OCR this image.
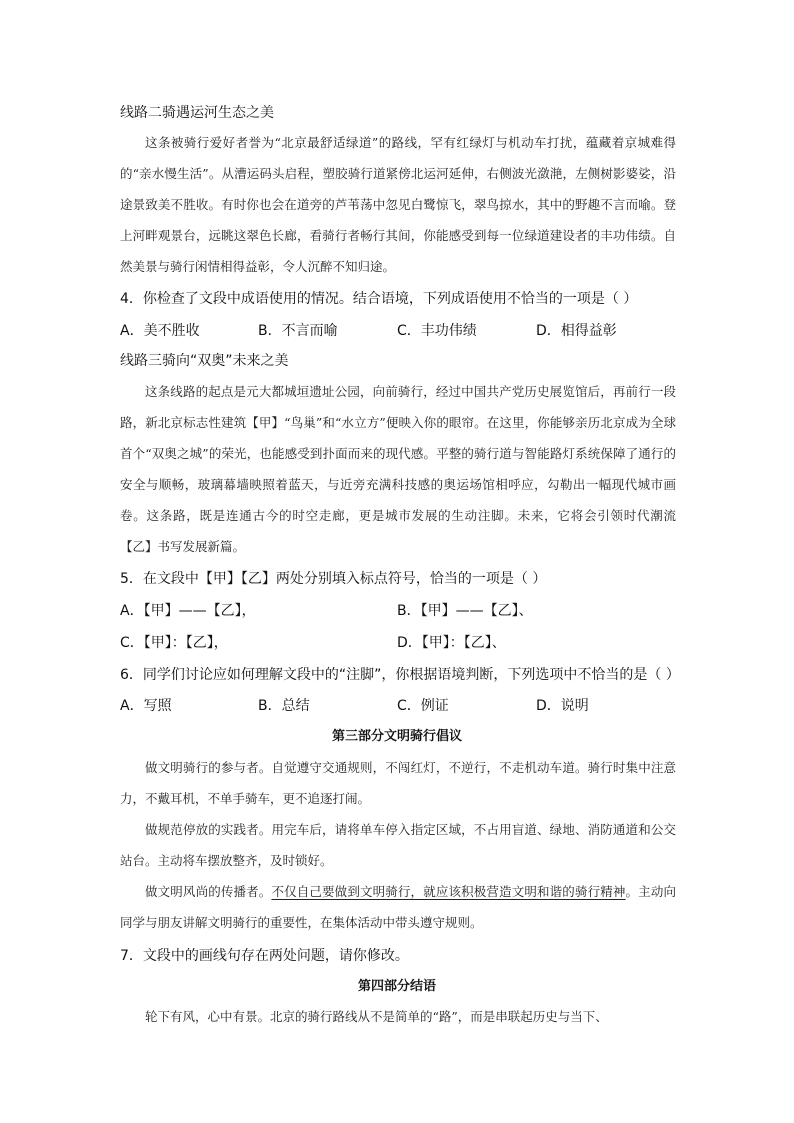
线路二骑遇运河生态之美

这条被骑行爱好者誉为“北京最舒适绿道”的路线，罕有红绿灯与机动车打扰，蕴藏着京城难得的“亲水慢生活”。从漕运码头启程，塑胶骑行道紧傍北运河延伸，右侧波光潋滟，左侧树影婆娑，沿途景致美不胜收。有时你也会在道旁的芦苇荡中忽见白鹭惊飞，翠鸟掠水，其中的野趣不言而喻。登上河畔观景台，远眺这翠色长廊，看骑行者畅行其间，你能感受到每一位绿道建设者的丰功伟绩。自然美景与骑行闲情相得益彰，令人沉醉不知归途。

4．你检查了文段中成语使用的情况。结合语境，下列成语使用不恰当的一项是（ ）
A．美不胜收	B．不言而喻	C．丰功伟绩	D．相得益彰
线路三骑向“双奥”未来之美

这条线路的起点是元大都城垣遗址公园，向前骑行，经过中国共产党历史展览馆后，再前行一段路，新北京标志性建筑【甲】“鸟巢”和“水立方”便映入你的眼帘。在这里，你能够亲历北京成为全球首个“双奥之城”的荣光，也能感受到扑面而来的现代感。平整的骑行道与智能路灯系统保障了通行的安全与顺畅，玻璃幕墙映照着蓝天，与近旁充满科技感的奥运场馆相呼应，勾勒出一幅现代城市画卷。这条路，既是连通古今的时空走廊，更是城市发展的生动注脚。未来，它将会引领时代潮流【乙】书写发展新篇。

5．在文段中【甲】【乙】两处分别填入标点符号，恰当的一项是（ ）
A．【甲】——【乙】，	B．【甲】——【乙】、
C．【甲】：【乙】，	D．【甲】：【乙】、
6．同学们讨论应如何理解文段中的“注脚”，你根据语境判断，下列选项中不恰当的是（ ）
A．写照	B．总结	C．例证	D．说明
第三部分文明骑行倡议

做文明骑行的参与者。自觉遵守交通规则，不闯红灯，不逆行，不走机动车道。骑行时集中注意力，不戴耳机，不单手骑车，更不追逐打闹。

做规范停放的实践者。用完车后，请将单车停入指定区域，不占用盲道、绿地、消防通道和公交站台。主动将车摆放整齐，及时锁好。

做文明风尚的传播者。不仅自己要做到文明骑行，就应该积极营造文明和谐的骑行精神。主动向同学与朋友讲解文明骑行的重要性，在集体活动中带头遵守规则。

7．文段中的画线句存在两处问题，请你修改。
第四部分结语

轮下有风，心中有景。北京的骑行路线从不是简单的“路”，而是串联起历史与当下、
